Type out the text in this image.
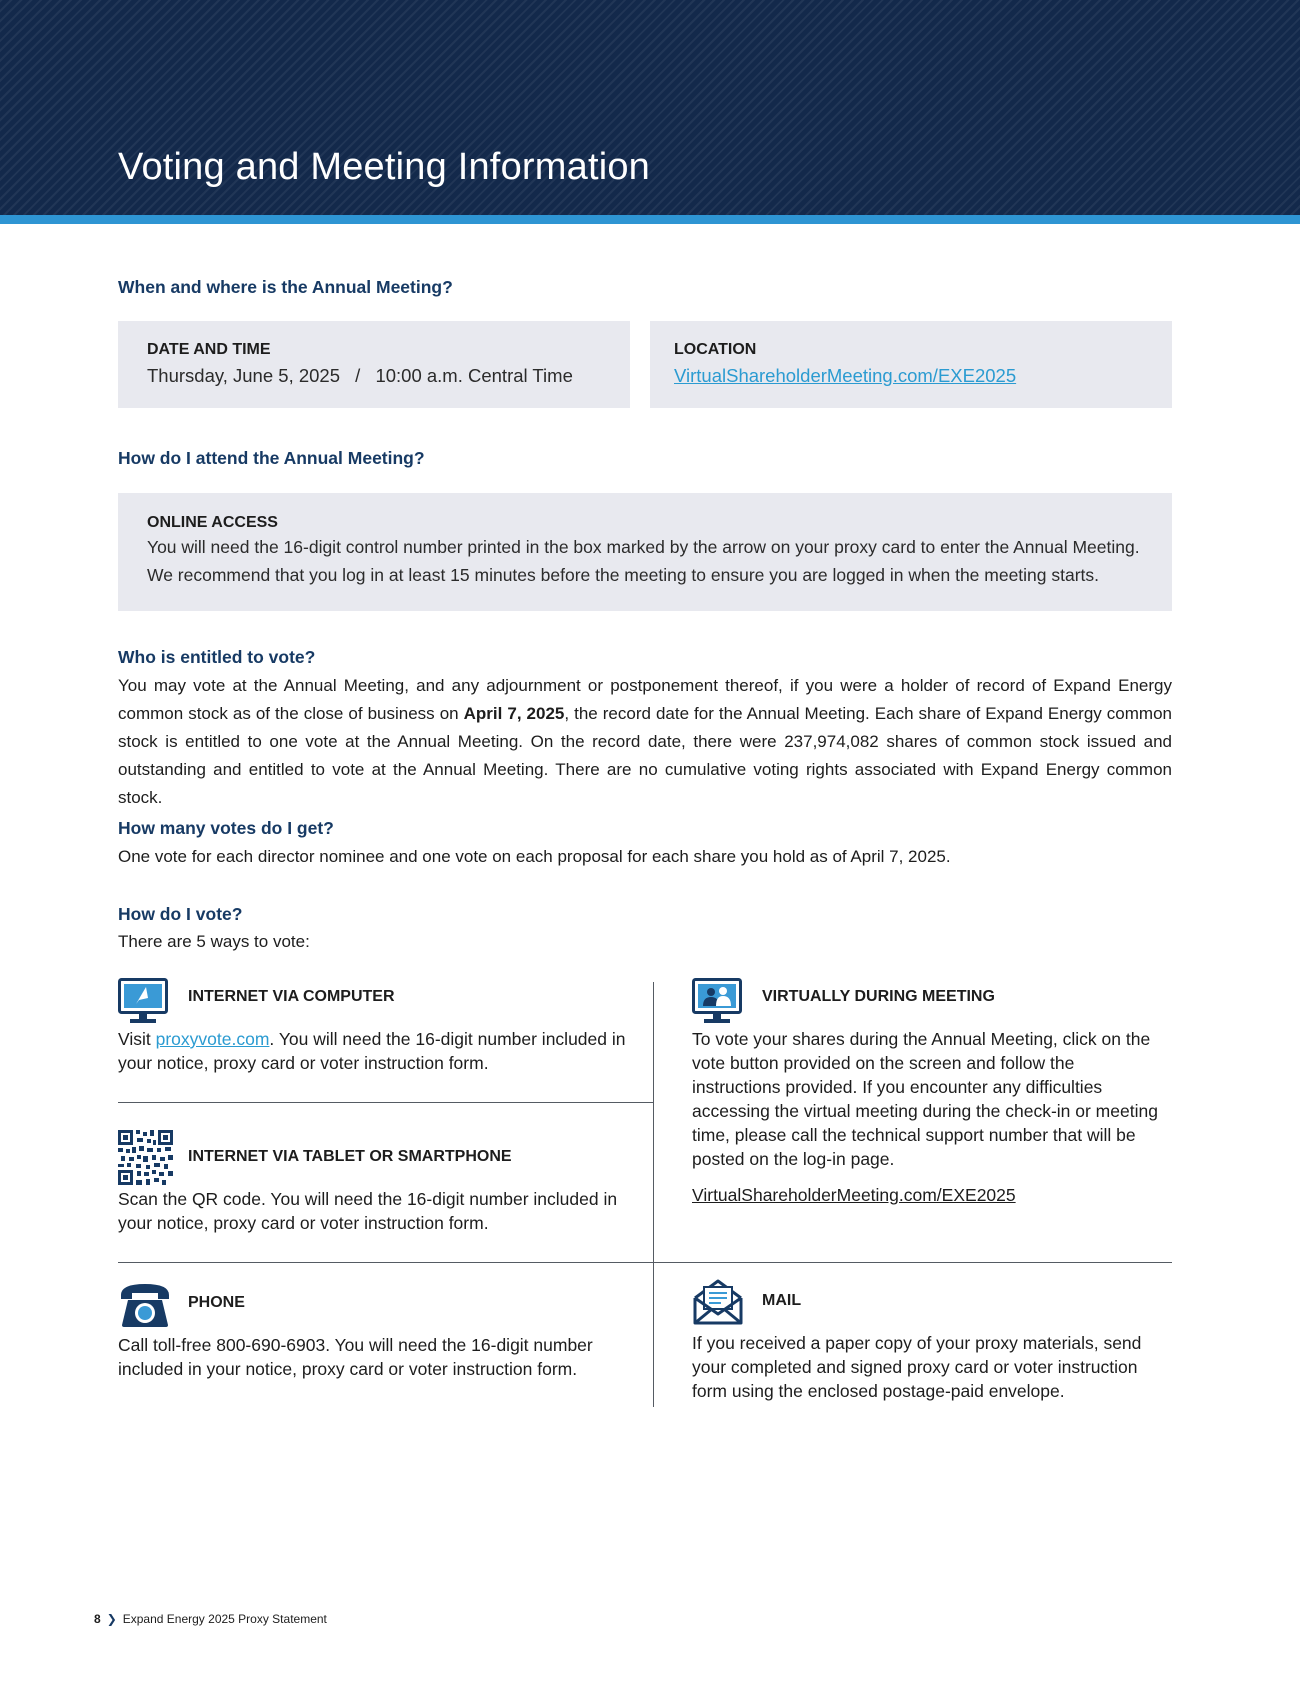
Voting and Meeting Information
When and where is the Annual Meeting?
DATE AND TIME
Thursday, June 5, 2025 / 10:00 a.m. Central Time
LOCATION
VirtualShareholderMeeting.com/EXE2025
How do I attend the Annual Meeting?
ONLINE ACCESS
You will need the 16-digit control number printed in the box marked by the arrow on your proxy card to enter the Annual Meeting.
We recommend that you log in at least 15 minutes before the meeting to ensure you are logged in when the meeting starts.
Who is entitled to vote?

You may vote at the Annual Meeting, and any adjournment or postponement thereof, if you were a holder of record of Expand Energy common stock as of the close of business on April 7, 2025, the record date for the Annual Meeting. Each share of Expand Energy common stock is entitled to one vote at the Annual Meeting. On the record date, there were 237,974,082 shares of common stock issued and outstanding and entitled to vote at the Annual Meeting. There are no cumulative voting rights associated with Expand Energy common stock.

How many votes do I get?

One vote for each director nominee and one vote on each proposal for each share you hold as of April 7, 2025.

How do I vote?

There are 5 ways to vote:

INTERNET VIA COMPUTER

Visit proxyvote.com. You will need the 16-digit number included in your notice, proxy card or voter instruction form.

INTERNET VIA TABLET OR SMARTPHONE

Scan the QR code. You will need the 16-digit number included in your notice, proxy card or voter instruction form.

VIRTUALLY DURING MEETING

To vote your shares during the Annual Meeting, click on the vote button provided on the screen and follow the instructions provided. If you encounter any difficulties accessing the virtual meeting during the check-in or meeting time, please call the technical support number that will be posted on the log-in page.

VirtualShareholderMeeting.com/EXE2025
PHONE

Call toll-free 800-690-6903. You will need the 16-digit number included in your notice, proxy card or voter instruction form.

MAIL

If you received a paper copy of your proxy materials, send your completed and signed proxy card or voter instruction form using the enclosed postage-paid envelope.

8 ❯ Expand Energy 2025 Proxy Statement
